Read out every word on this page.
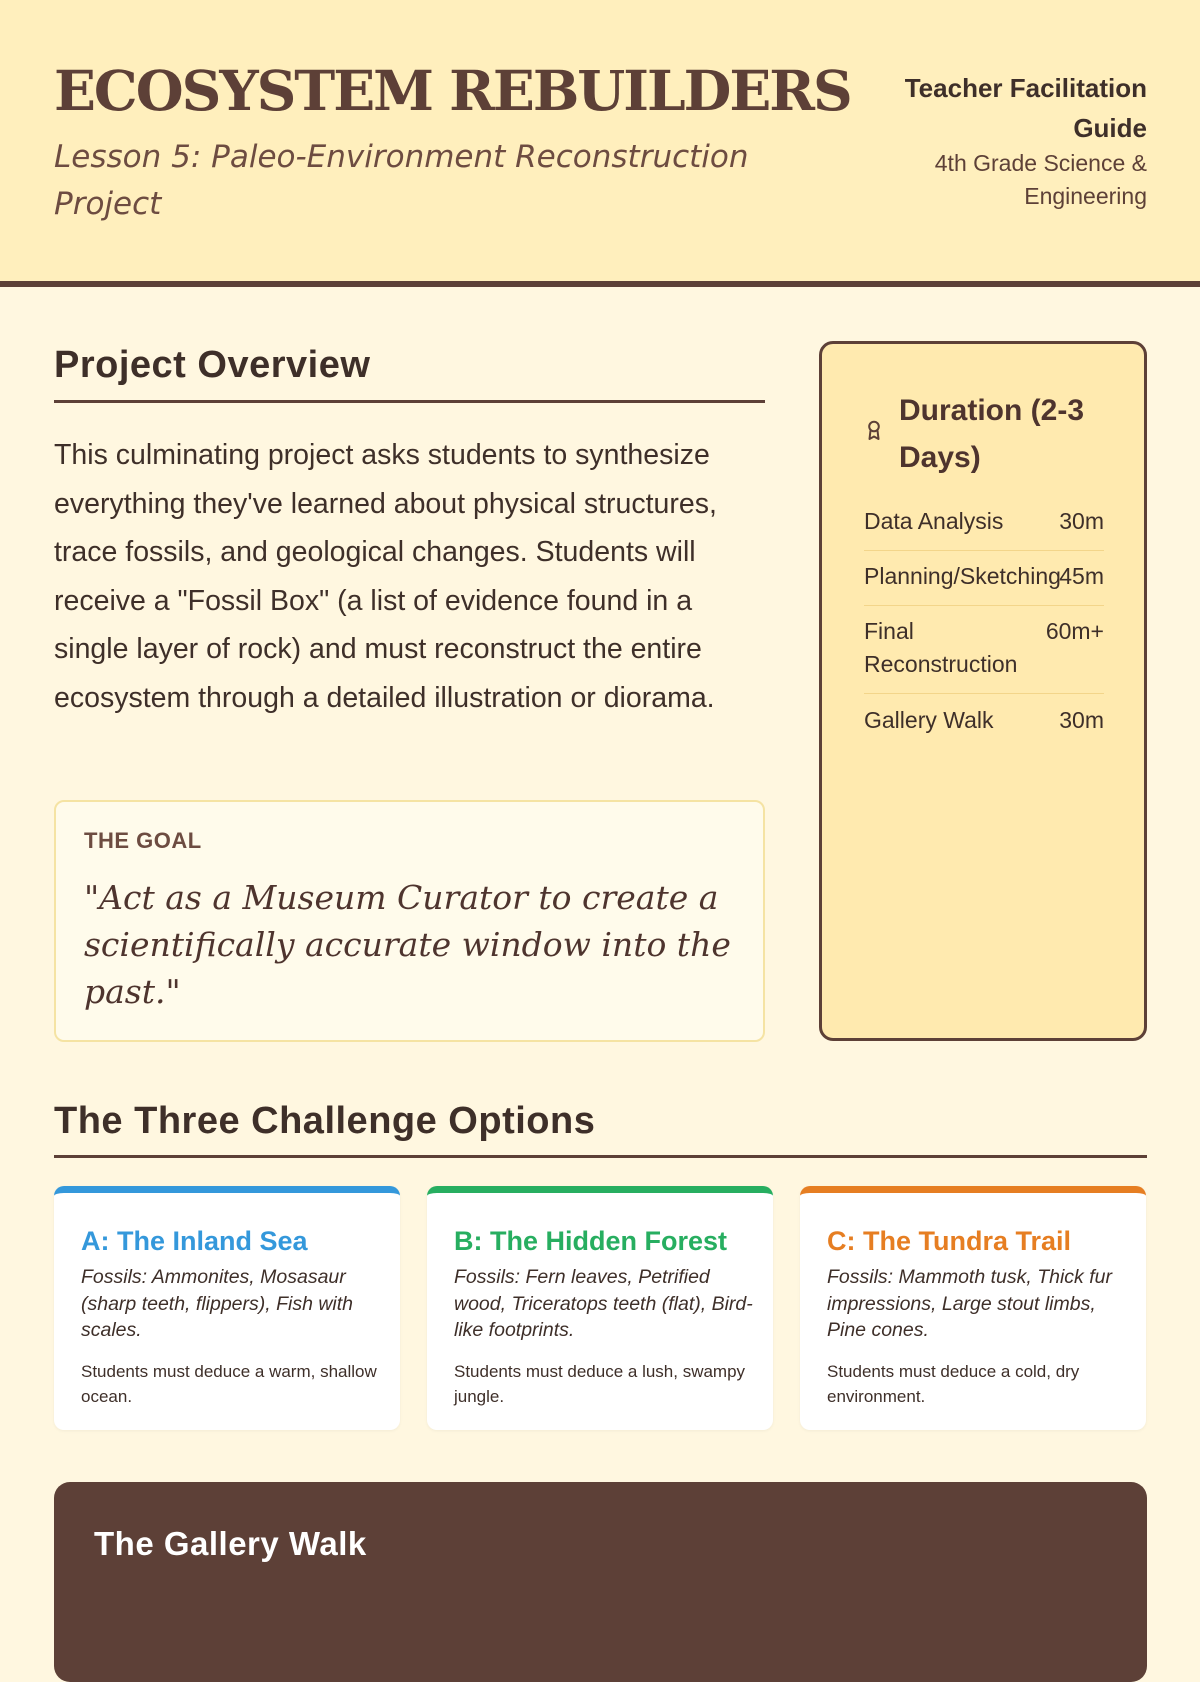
ECOSYSTEM REBUILDERS
Lesson 5: Paleo-Environment Reconstruction Project
Teacher Facilitation Guide
4th Grade Science & Engineering
Project Overview

This culminating project asks students to synthesize everything they've learned about physical structures, trace fossils, and geological changes. Students will receive a "Fossil Box" (a list of evidence found in a single layer of rock) and must reconstruct the entire ecosystem through a detailed illustration or diorama.

THE GOAL
"Act as a Museum Curator to create a scientifically accurate window into the past."
Duration (2-3 Days)
Data Analysis	30m
Planning/Sketching
45m
Final Reconstruction
60m+
Gallery Walk	30m
The Three Challenge Options
A: The Inland Sea
Fossils: Ammonites, Mosasaur (sharp teeth, flippers), Fish with scales.
Students must deduce a warm, shallow ocean.
B: The Hidden Forest
Fossils: Fern leaves, Petrified wood, Triceratops teeth (flat), Bird-like footprints.
Students must deduce a lush, swampy jungle.
C: The Tundra Trail
Fossils: Mammoth tusk, Thick fur impressions, Large stout limbs, Pine cones.
Students must deduce a cold, dry environment.
The Gallery Walk
